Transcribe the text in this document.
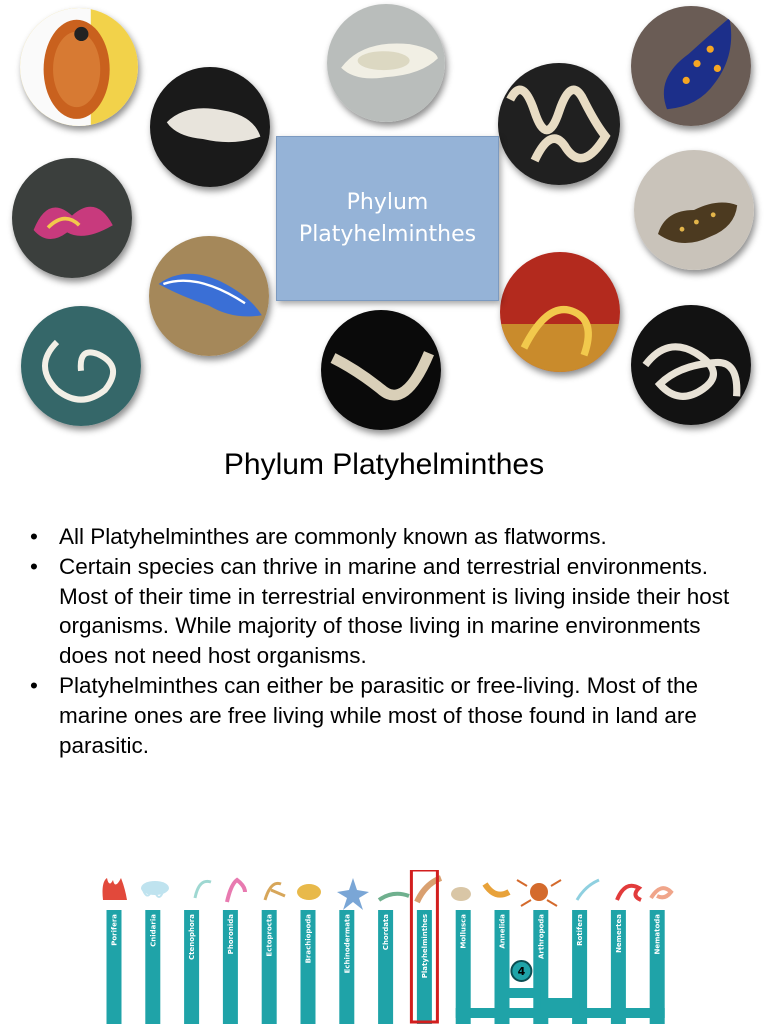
Phylum
Platyhelminthes
Phylum Platyhelminthes
• All Platyhelminthes are commonly known as flatworms.
• Certain species can thrive in marine and terrestrial environments. Most of their time in terrestrial environment is living inside their host organisms. While majority of those living in marine environments does not need host organisms.
• Platyhelminthes can either be parasitic or free-living. Most of the marine ones are free living while most of those found in land are parasitic.
Porifera	Cnidaria	Ctenophora	Phoronida	Ectoprocta	Brachiopoda	Echinodermata	Chordata	Platyhelminthes	Mollusca	Annelida	Arthropoda	Rotifera	Nemertea	Nematoda
4
